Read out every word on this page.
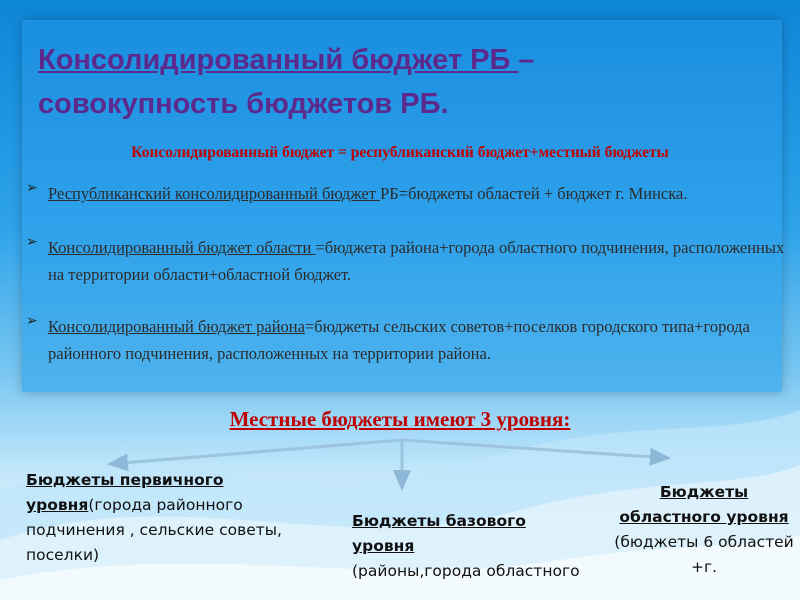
Консолидированный бюджет РБ –
совокупность бюджетов РБ.
Консолидированный бюджет = республиканский бюджет+местный бюджеты
➢ Республиканский консолидированный бюджет РБ=бюджеты областей + бюджет г. Минска.
➢ Консолидированный бюджет области =бюджета района+города областного подчинения, расположенных на территории области+областной бюджет.
➢ Консолидированный бюджет района=бюджеты сельских советов+поселков городского типа+города районного подчинения, расположенных на территории района.
Местные бюджеты имеют 3 уровня:
Бюджеты первичного уровня(города районного подчинения , сельские советы, поселки)
Бюджеты базового уровня
(районы,города областного
Бюджеты областного уровня
(бюджеты 6 областей +г.
